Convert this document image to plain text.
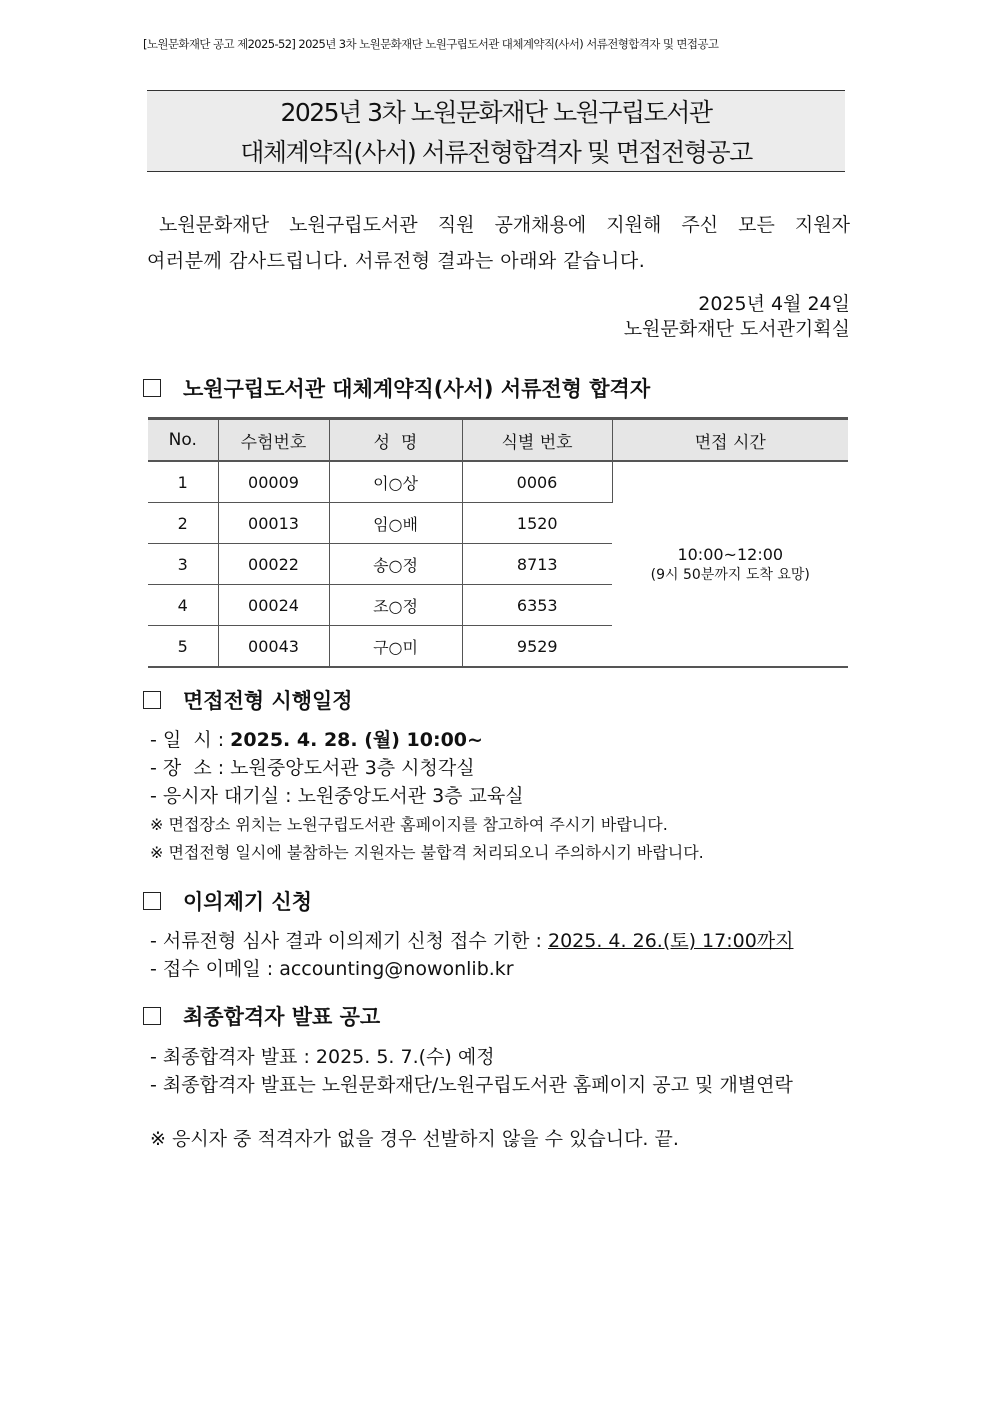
[노원문화재단 공고 제2025-52] 2025년 3차 노원문화재단 노원구립도서관 대체계약직(사서) 서류전형합격자 및 면접공고
2025년 3차 노원문화재단 노원구립도서관
대체계약직(사서) 서류전형합격자 및 면접전형공고
노원문화재단 노원구립도서관 직원 공개채용에 지원해 주신 모든 지원자
여러분께 감사드립니다. 서류전형 결과는 아래와 같습니다.
2025년 4월 24일
노원문화재단 도서관기획실
노원구립도서관 대체계약직(사서) 서류전형 합격자
No.	수험번호	성  명	식별 번호	면접 시간
1	00009	이○상	0006	10:00~12:00
(9시 50분까지 도착 요망)

2	00013	임○배	1520	
3	00022	송○정	8713	
4	00024	조○정	6353	
5	00043	구○미	9529	
면접전형 시행일정
- 일  시 : 2025. 4. 28. (월) 10:00~
- 장  소 : 노원중앙도서관 3층 시청각실
- 응시자 대기실 : 노원중앙도서관 3층 교육실
※ 면접장소 위치는 노원구립도서관 홈페이지를 참고하여 주시기 바랍니다.
※ 면접전형 일시에 불참하는 지원자는 불합격 처리되오니 주의하시기 바랍니다.
이의제기 신청
- 서류전형 심사 결과 이의제기 신청 접수 기한 : 2025. 4. 26.(토) 17:00까지
- 접수 이메일 : accounting@nowonlib.kr
최종합격자 발표 공고
- 최종합격자 발표 : 2025. 5. 7.(수) 예정
- 최종합격자 발표는 노원문화재단/노원구립도서관 홈페이지 공고 및 개별연락
※ 응시자 중 적격자가 없을 경우 선발하지 않을 수 있습니다. 끝.
